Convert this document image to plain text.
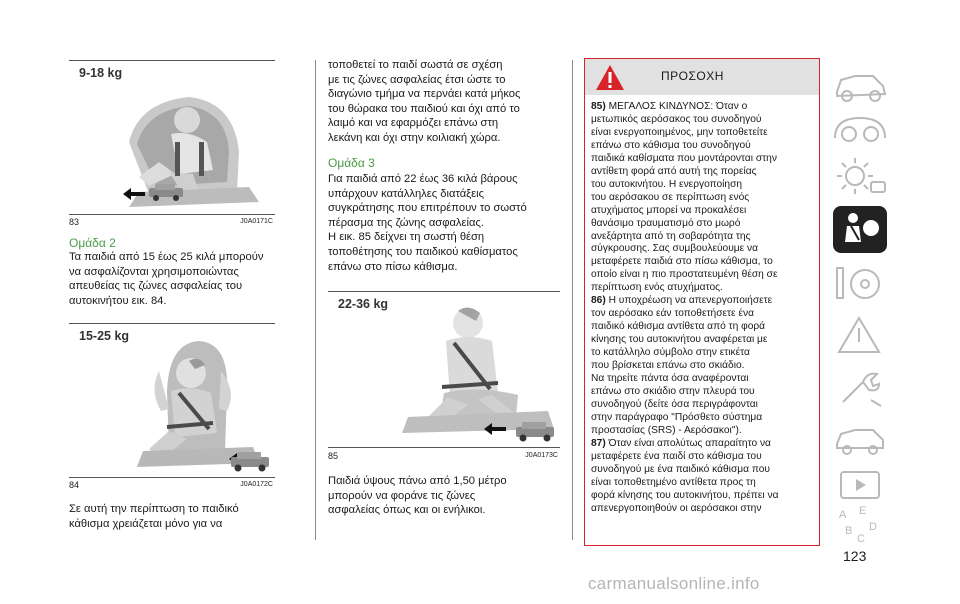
9-18 kg
83	J0A0171C
Ομάδα 2
Τα παιδιά από 15 έως 25 κιλά μπορούν
να ασφαλίζονται χρησιμοποιώντας
απευθείας τις ζώνες ασφαλείας του
αυτοκινήτου εικ. 84.
15-25 kg
84	J0A0172C
Σε αυτή την περίπτωση το παιδικό
κάθισμα χρειάζεται μόνο για να
τοποθετεί το παιδί σωστά σε σχέση
με τις ζώνες ασφαλείας έτσι ώστε το
διαγώνιο τμήμα να περνάει κατά μήκος
του θώρακα του παιδιού και όχι από το
λαιμό και να εφαρμόζει επάνω στη
λεκάνη και όχι στην κοιλιακή χώρα.
Ομάδα 3
Για παιδιά από 22 έως 36 κιλά βάρους
υπάρχουν κατάλληλες διατάξεις
συγκράτησης που επιτρέπουν το σωστό
πέρασμα της ζώνης ασφαλείας.
Η εικ. 85 δείχνει τη σωστή θέση
τοποθέτησης του παιδικού καθίσματος
επάνω στο πίσω κάθισμα.
22-36 kg
85	J0A0173C
Παιδιά ύψους πάνω από 1,50 μέτρο
μπορούν να φοράνε τις ζώνες
ασφαλείας όπως και οι ενήλικοι.
ΠΡΟΣΟΧΗ
85) ΜΕΓΑΛΟΣ ΚΙΝΔΥΝΟΣ: Όταν ο
μετωπικός αερόσακος του συνοδηγού
είναι ενεργοποιημένος, μην τοποθετείτε
επάνω στο κάθισμα του συνοδηγού
παιδικά καθίσματα που μοντάρονται στην
αντίθετη φορά από αυτή της πορείας
του αυτοκινήτου. Η ενεργοποίηση
του αερόσακου σε περίπτωση ενός
ατυχήματος μπορεί να προκαλέσει
θανάσιμο τραυματισμό στο μωρό
ανεξάρτητα από τη σοβαρότητα της
σύγκρουσης. Σας συμβουλεύουμε να
μεταφέρετε παιδιά στο πίσω κάθισμα, το
οποίο είναι η πιο προστατευμένη θέση σε
περίπτωση ενός ατυχήματος.
86) Η υποχρέωση να απενεργοποιήσετε
τον αερόσακο εάν τοποθετήσετε ένα
παιδικό κάθισμα αντίθετα από τη φορά
κίνησης του αυτοκινήτου αναφέρεται με
το κατάλληλο σύμβολο στην ετικέτα
που βρίσκεται επάνω στο σκιάδιο.
Να τηρείτε πάντα όσα αναφέρονται
επάνω στο σκιάδιο στην πλευρά του
συνοδηγού (δείτε όσα περιγράφονται
στην παράγραφο "Πρόσθετο σύστημα
προστασίας (SRS) - Αερόσακοι").
87) Όταν είναι απολύτως απαραίτητο να
μεταφέρετε ένα παιδί στο κάθισμα του
συνοδηγού με ένα παιδικό κάθισμα που
είναι τοποθετημένο αντίθετα προς τη
φορά κίνησης του αυτοκινήτου, πρέπει να
απενεργοποιηθούν οι αερόσακοι στην
A E
B D
C
123
carmanualsonline.info
